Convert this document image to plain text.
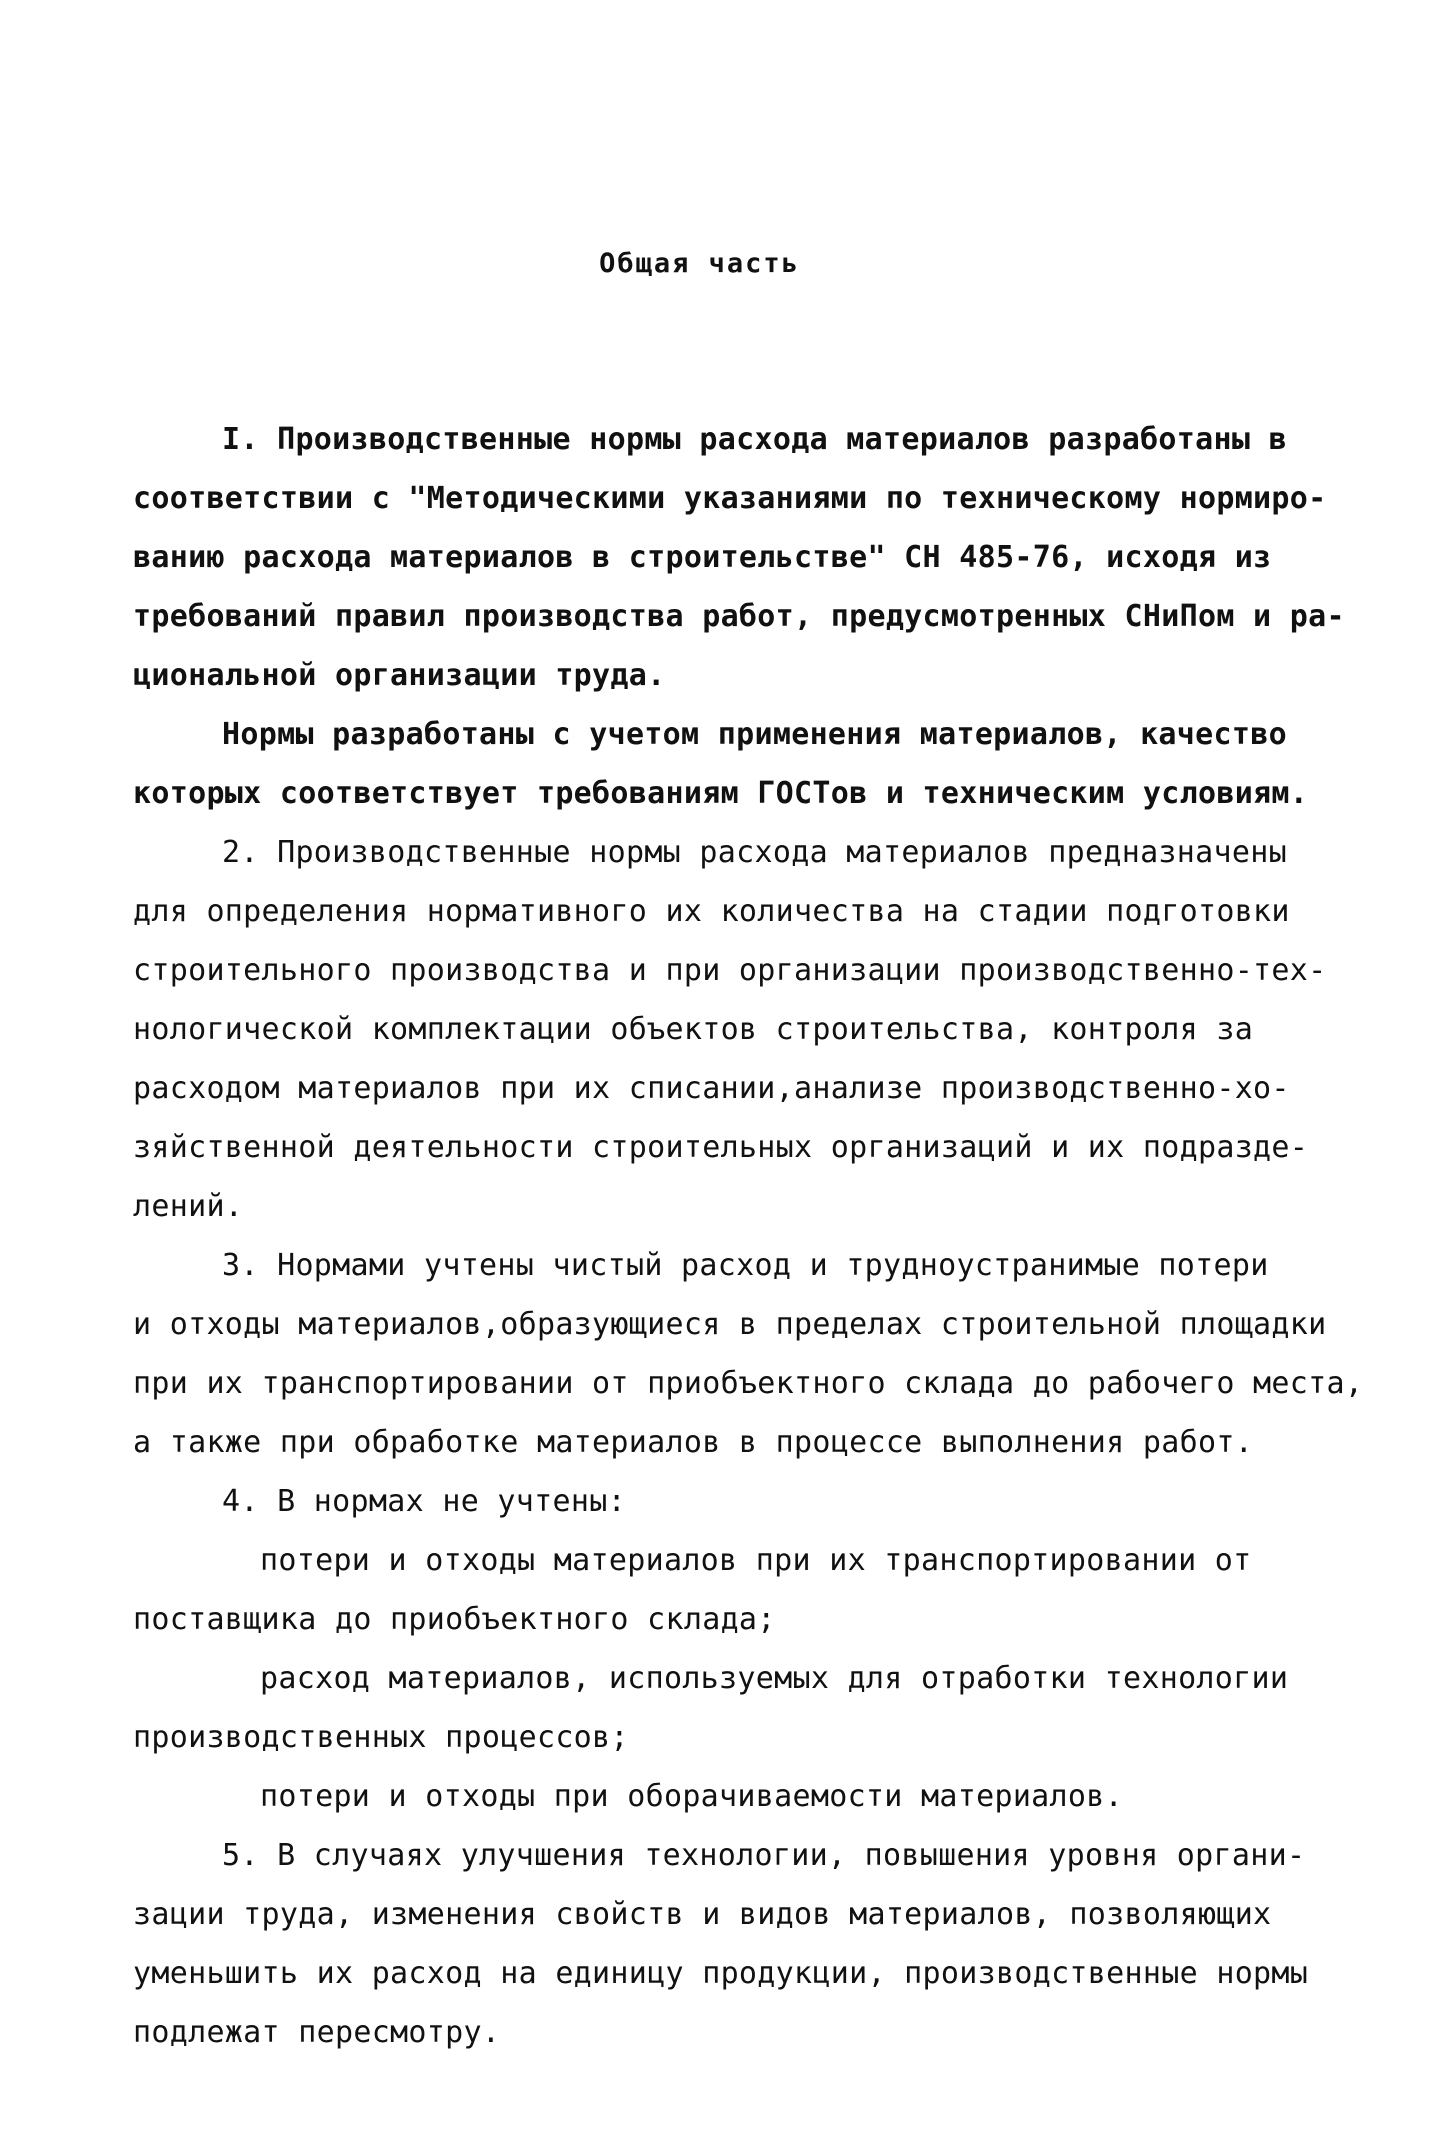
Общая часть
I. Производственные нормы расхода материалов разработаны в
соответствии с "Методическими указаниями по техническому нормиро-
ванию расхода материалов в строительстве" СН 485-76, исходя из
требований правил производства работ, предусмотренных СНиПом и ра-
циональной организации труда.
Нормы разработаны с учетом применения материалов, качество
которых соответствует требованиям ГОСТов и техническим условиям.
2. Производственные нормы расхода материалов предназначены
для определения нормативного их количества на стадии подготовки
строительного производства и при организации производственно-тех-
нологической комплектации объектов строительства, контроля за
расходом материалов при их списании,анализе производственно-хо-
зяйственной деятельности строительных организаций и их подразде-
лений.
3. Нормами учтены чистый расход и трудноустранимые потери
и отходы материалов,образующиеся в пределах строительной площадки
при их транспортировании от приобъектного склада до рабочего места,
а также при обработке материалов в процессе выполнения работ.
4. В нормах не учтены:
потери и отходы материалов при их транспортировании от
поставщика до приобъектного склада;
расход материалов, используемых для отработки технологии
производственных процессов;
потери и отходы при оборачиваемости материалов.
5. В случаях улучшения технологии, повышения уровня органи-
зации труда, изменения свойств и видов материалов, позволяющих
уменьшить их расход на единицу продукции, производственные нормы
подлежат пересмотру.
